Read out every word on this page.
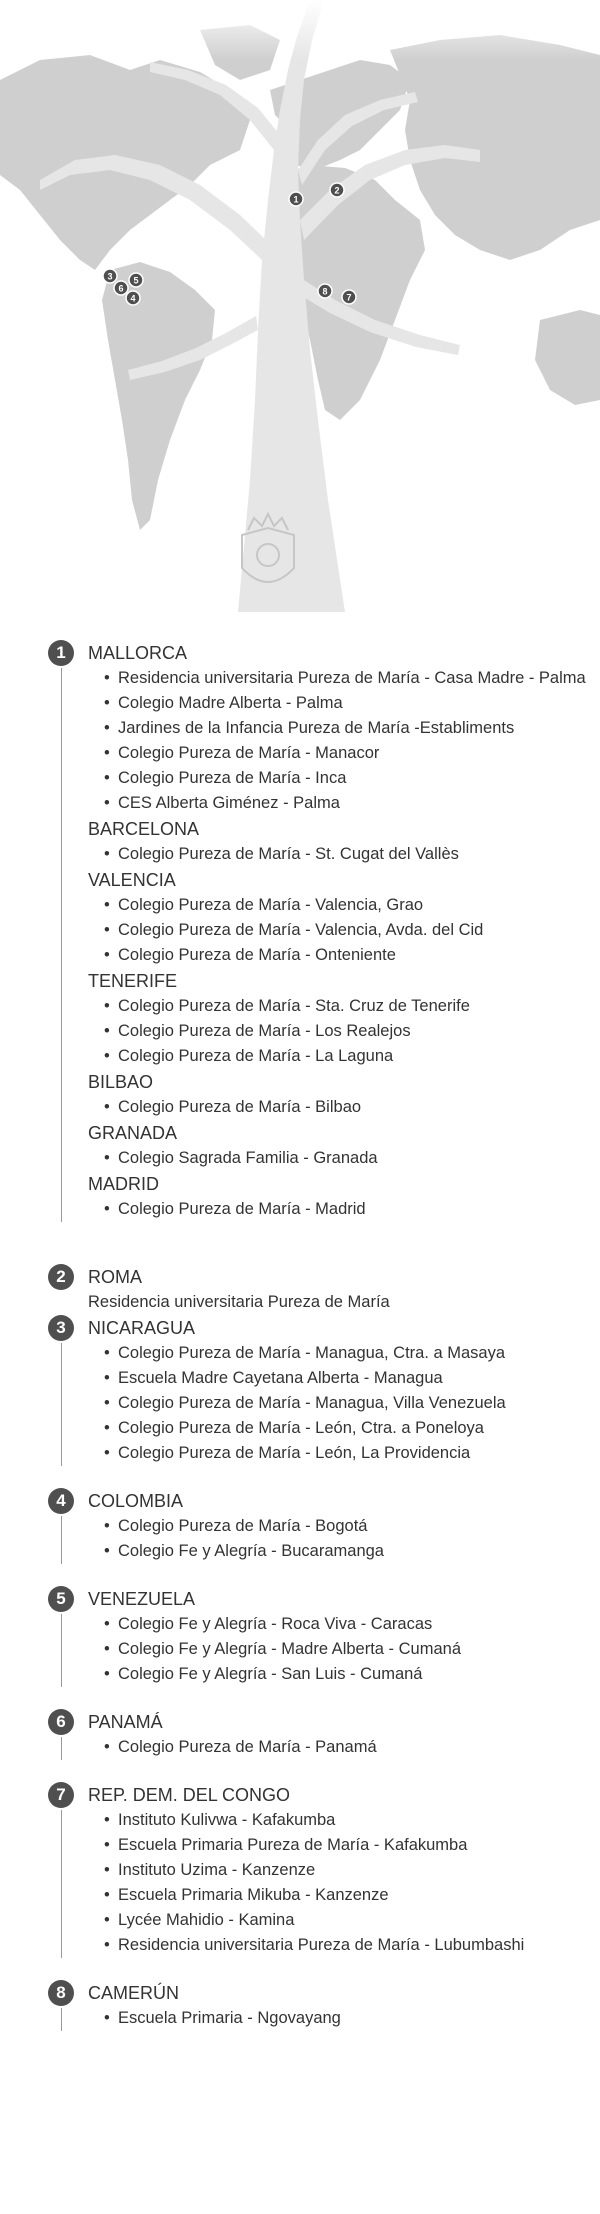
1
2
3
4
5
6
7
8
1	MALLORCA
• Residencia universitaria Pureza de María - Casa Madre - Palma
• Colegio Madre Alberta - Palma
• Jardines de la Infancia Pureza de María -Establiments
• Colegio Pureza de María - Manacor
• Colegio Pureza de María - Inca
• CES Alberta Giménez - Palma
BARCELONA
• Colegio Pureza de María - St. Cugat del Vallès
VALENCIA
• Colegio Pureza de María - Valencia, Grao
• Colegio Pureza de María - Valencia, Avda. del Cid
• Colegio Pureza de María - Onteniente
TENERIFE
• Colegio Pureza de María - Sta. Cruz de Tenerife
• Colegio Pureza de María - Los Realejos
• Colegio Pureza de María - La Laguna
BILBAO
• Colegio Pureza de María - Bilbao
GRANADA
• Colegio Sagrada Familia - Granada
MADRID
• Colegio Pureza de María - Madrid
2	ROMA
Residencia universitaria Pureza de María
3	NICARAGUA
• Colegio Pureza de María - Managua, Ctra. a Masaya
• Escuela Madre Cayetana Alberta - Managua
• Colegio Pureza de María - Managua, Villa Venezuela
• Colegio Pureza de María - León, Ctra. a Poneloya
• Colegio Pureza de María - León, La Providencia
4	COLOMBIA
• Colegio Pureza de María - Bogotá
• Colegio Fe y Alegría - Bucaramanga
5	VENEZUELA
• Colegio Fe y Alegría - Roca Viva - Caracas
• Colegio Fe y Alegría - Madre Alberta - Cumaná
• Colegio Fe y Alegría - San Luis - Cumaná
6	PANAMÁ
• Colegio Pureza de María - Panamá
7	REP. DEM. DEL CONGO
• Instituto Kulivwa - Kafakumba
• Escuela Primaria Pureza de María - Kafakumba
• Instituto Uzima - Kanzenze
• Escuela Primaria Mikuba - Kanzenze
• Lycée Mahidio - Kamina
• Residencia universitaria Pureza de María - Lubumbashi
8	CAMERÚN
• Escuela Primaria - Ngovayang
